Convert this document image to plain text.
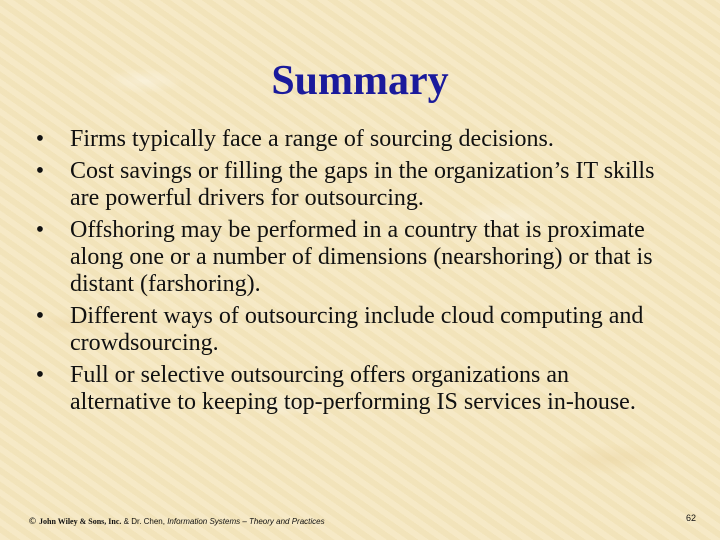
Summary
• Firms typically face a range of sourcing decisions.
• Cost savings or filling the gaps in the organization’s IT skills are powerful drivers for outsourcing.
• Offshoring may be performed in a country that is proximate along one or a number of dimensions (nearshoring) or that is distant (farshoring).
• Different ways of outsourcing include cloud computing and crowdsourcing.
• Full or selective outsourcing offers organizations an alternative to keeping top-performing IS services in-house.
© John Wiley & Sons, Inc. & Dr. Chen, Information Systems – Theory and Practices	62
